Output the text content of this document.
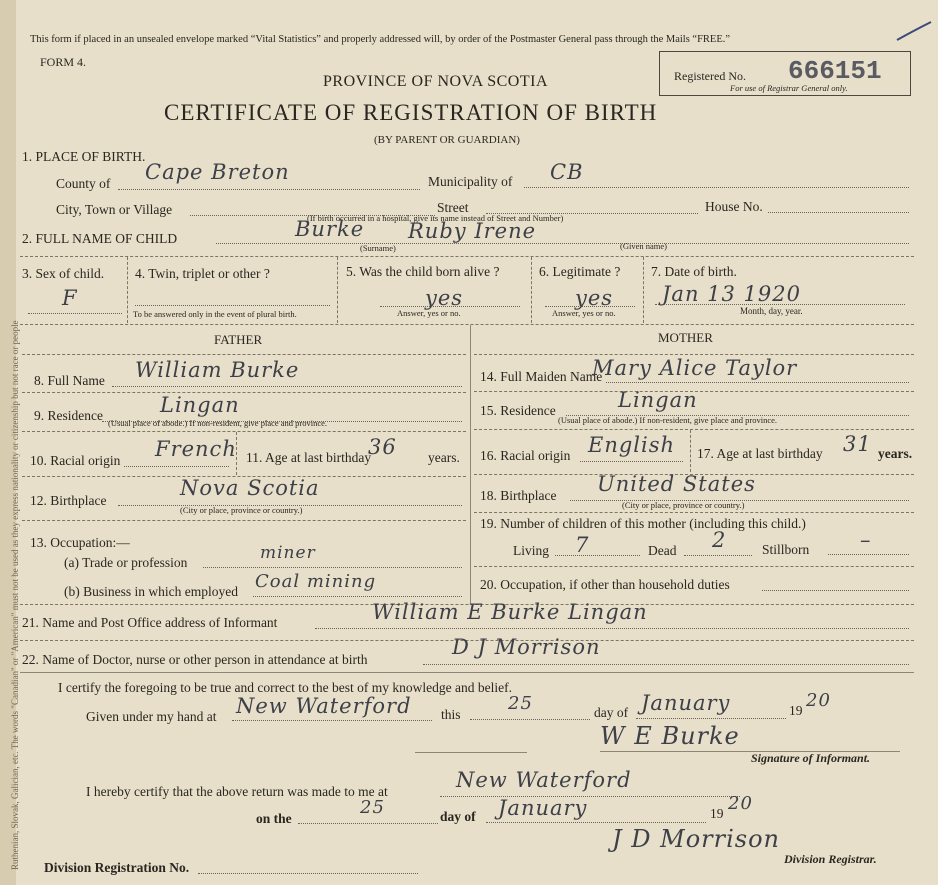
Ruthenian, Slovak, Galician, etc. The words "Canadian" or "American" must not be used as they express nationality or citizenship but not race or people
This form if placed in an unsealed envelope marked “Vital Statistics” and properly addressed will, by order of the Postmaster General pass through the Mails “FREE.”
FORM 4.
PROVINCE OF NOVA SCOTIA
CERTIFICATE OF REGISTRATION OF BIRTH
(BY PARENT OR GUARDIAN)
Registered No. 666151
For use of Registrar General only.
1. PLACE OF BIRTH.
County of Cape Breton	Municipality of CB
City, Town or Village	Street	House No.
(If birth occurred in a hospital, give its name instead of Street and Number)
2. FULL NAME OF CHILD	Burke Ruby Irene
(Surname)	(Given name)
3. Sex of child.
F
4. Twin, triplet or other ?
To be answered only in the event of plural birth.
5. Was the child born alive ?
yes
Answer, yes or no.
6. Legitimate ?
yes
Answer, yes or no.
7. Date of birth.
Jan 13 1920
Month, day, year.
FATHER	MOTHER
8. Full Name William Burke
9. Residence	Lingan
(Usual place of abode.) If non-resident, give place and province.
10. Racial origin French 11. Age at last birthday
36 years.
12. Birthplace
Nova Scotia
(City or place, province or country.)
13. Occupation:—
(a) Trade or profession	miner
(b) Business in which employed Coal mining
14. Full Maiden Name
Mary Alice Taylor
15. Residence	Lingan
(Usual place of abode.) If non-resident, give place and province.
16. Racial origin English 17. Age at last birthday 31 years.
18. Birthplace United States
(City or place, province or country.)
19. Number of children of this mother (including this child.)
Living 7	Dead 2	Stillborn –
20. Occupation, if other than household duties
21. Name and Post Office address of Informant	William E Burke Lingan
22. Name of Doctor, nurse or other person in attendance at birth
D J Morrison
I certify the foregoing to be true and correct to the best of my knowledge and belief.
Given under my hand at New Waterford this
25	day of January	19 20
W E Burke
Signature of Informant.
I hereby certify that the above return was made to me at	New Waterford
on the
25	day of January	19 20
J D Morrison
Division Registration No.
Division Registrar.
